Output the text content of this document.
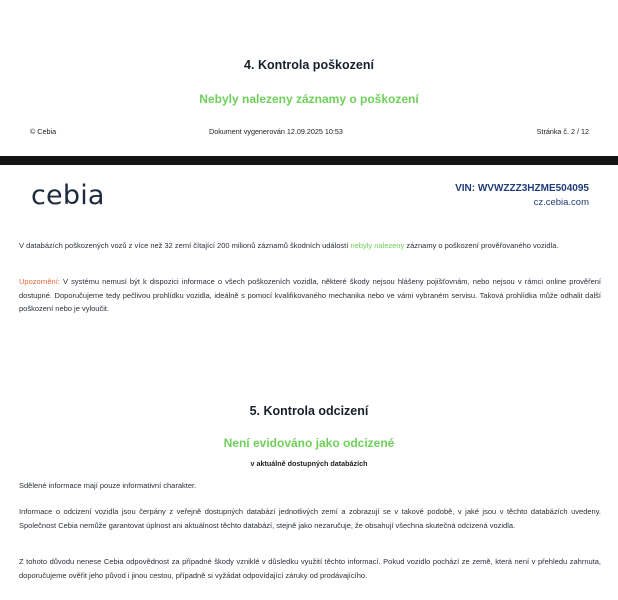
4. Kontrola poškození
Nebyly nalezeny záznamy o poškození
© Cebia	Dokument vygenerován 12.09.2025 10:53	Stránka č. 2 / 12
cebia	VIN: WVWZZZ3HZME504095
cz.cebia.com
V databázích poškozených vozů z více než 32 zemí čítající 200 milionů záznamů škodních událostí nebyly nalezeny záznamy o poškození prověřovaného vozidla.
Upozornění: V systému nemusí být k dispozici informace o všech poškozeních vozidla, některé škody nejsou hlášeny pojišťovnám, nebo nejsou v rámci online prověření dostupné. Doporučujeme tedy pečlivou prohlídku vozidla, ideálně s pomocí kvalifikovaného mechanika nebo ve vámi vybraném servisu. Taková prohlídka může odhalit další poškození nebo je vyloučit.
5. Kontrola odcizení
Není evidováno jako odcizené
v aktuálně dostupných databázích
Sdělené informace mají pouze informativní charakter.
Informace o odcizení vozidla jsou čerpány z veřejně dostupných databází jednotlivých zemí a zobrazují se v takové podobě, v jaké jsou v těchto databázích uvedeny. Společnost Cebia nemůže garantovat úplnost ani aktuálnost těchto databází, stejně jako nezaručuje, že obsahují všechna skutečná odcizená vozidla.
Z tohoto důvodu nenese Cebia odpovědnost za případné škody vzniklé v důsledku využití těchto informací. Pokud vozidlo pochází ze země, která není v přehledu zahrnuta, doporučujeme ověřit jeho původ i jinou cestou, případně si vyžádat odpovídající záruky od prodávajícího.
